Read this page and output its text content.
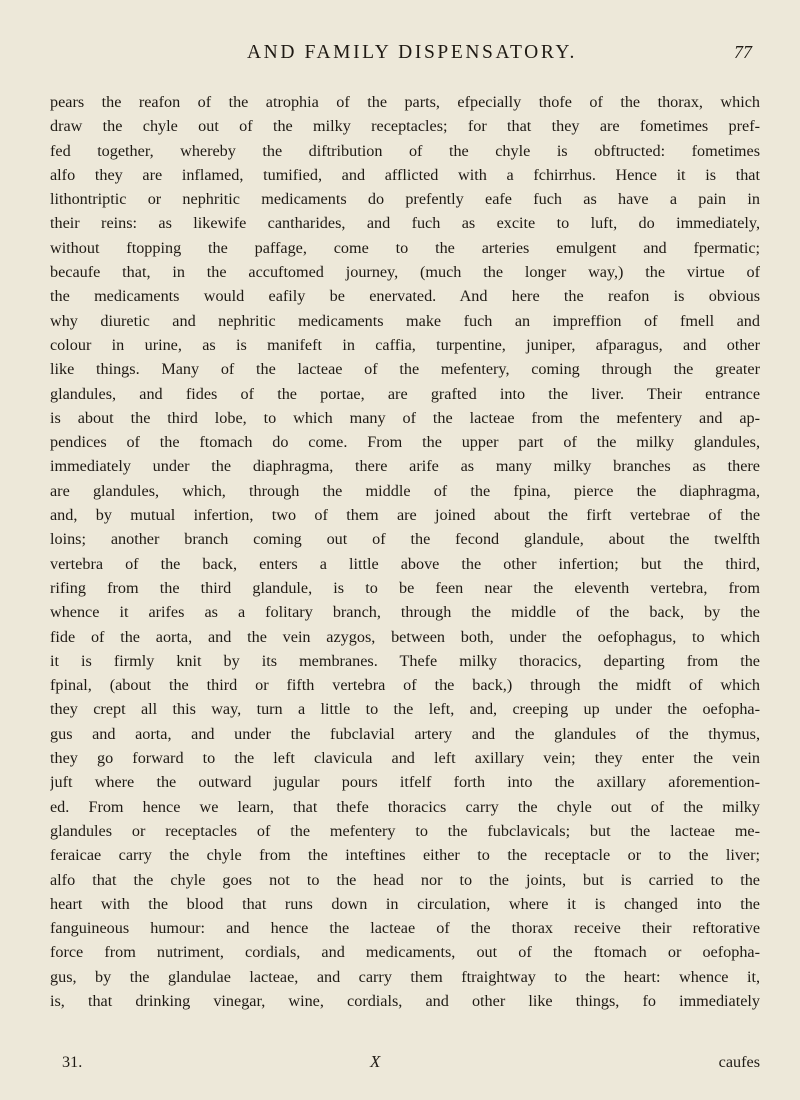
AND FAMILY DISPENSATORY.	77
pears the reafon of the atrophia of the parts, efpecially thofe of the thorax, which
draw the chyle out of the milky receptacles; for that they are fometimes pref-
fed together, whereby the diftribution of the chyle is obftructed: fometimes
alfo they are inflamed, tumified, and afflicted with a fchirrhus. Hence it is that
lithontriptic or nephritic medicaments do prefently eafe fuch as have a pain in
their reins: as likewife cantharides, and fuch as excite to luft, do immediately,
without ftopping the paffage, come to the arteries emulgent and fpermatic;
becaufe that, in the accuftomed journey, (much the longer way,) the virtue of
the medicaments would eafily be enervated. And here the reafon is obvious
why diuretic and nephritic medicaments make fuch an impreffion of fmell and
colour in urine, as is manifeft in caffia, turpentine, juniper, afparagus, and other
like things. Many of the lacteae of the mefentery, coming through the greater
glandules, and fides of the portae, are grafted into the liver. Their entrance
is about the third lobe, to which many of the lacteae from the mefentery and ap-
pendices of the ftomach do come. From the upper part of the milky glandules,
immediately under the diaphragma, there arife as many milky branches as there
are glandules, which, through the middle of the fpina, pierce the diaphragma,
and, by mutual infertion, two of them are joined about the firft vertebrae of the
loins; another branch coming out of the fecond glandule, about the twelfth
vertebra of the back, enters a little above the other infertion; but the third,
rifing from the third glandule, is to be feen near the eleventh vertebra, from
whence it arifes as a folitary branch, through the middle of the back, by the
fide of the aorta, and the vein azygos, between both, under the oefophagus, to which
it is firmly knit by its membranes. Thefe milky thoracics, departing from the
fpinal, (about the third or fifth vertebra of the back,) through the midft of which
they crept all this way, turn a little to the left, and, creeping up under the oefopha-
gus and aorta, and under the fubclavial artery and the glandules of the thymus,
they go forward to the left clavicula and left axillary vein; they enter the vein
juft where the outward jugular pours itfelf forth into the axillary aforemention-
ed. From hence we learn, that thefe thoracics carry the chyle out of the milky
glandules or receptacles of the mefentery to the fubclavicals; but the lacteae me-
feraicae carry the chyle from the inteftines either to the receptacle or to the liver;
alfo that the chyle goes not to the head nor to the joints, but is carried to the
heart with the blood that runs down in circulation, where it is changed into the
fanguineous humour: and hence the lacteae of the thorax receive their reftorative
force from nutriment, cordials, and medicaments, out of the ftomach or oefopha-
gus, by the glandulae lacteae, and carry them ftraightway to the heart: whence it,
is, that drinking vinegar, wine, cordials, and other like things, fo immediately
31.	X	caufes
